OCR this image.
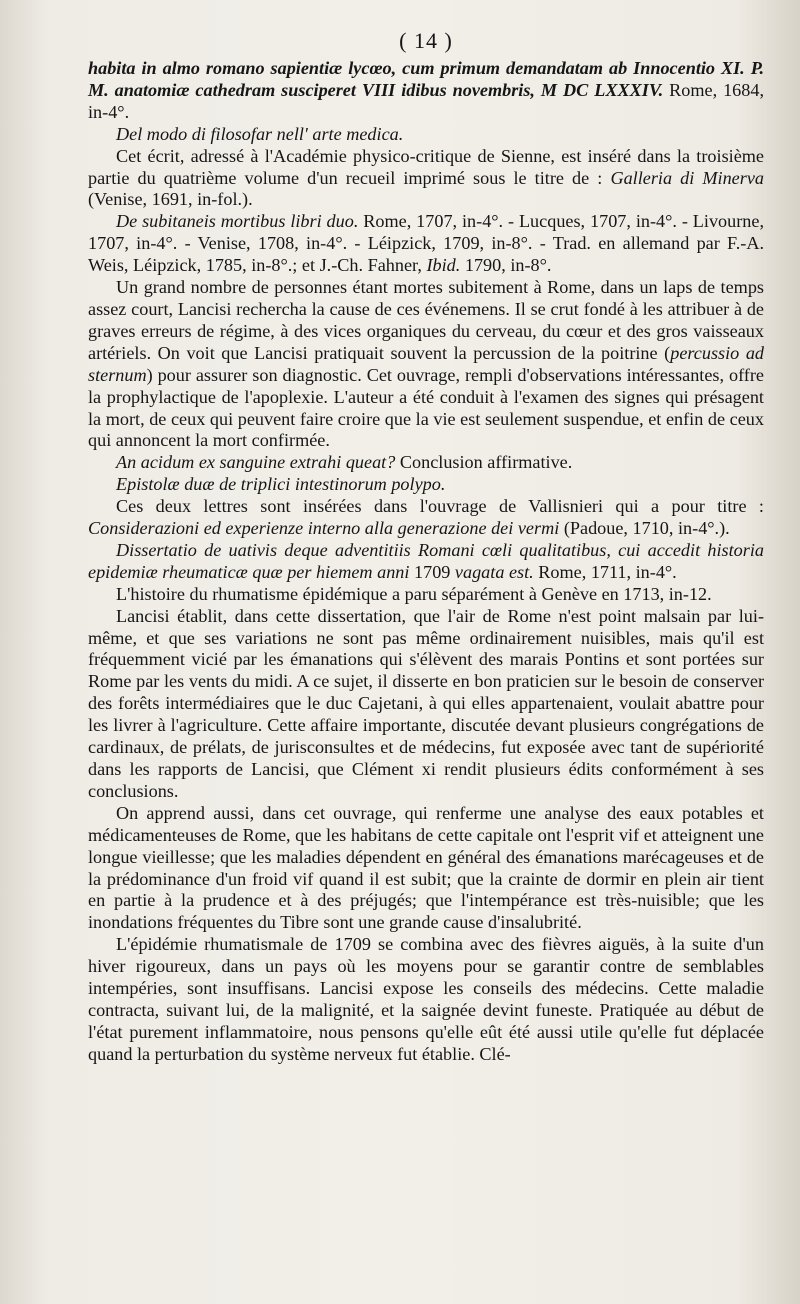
( 14 )

habita in almo romano sapientiæ lycœo, cum primum demandatam ab Innocentio XI. P. M. anatomiæ cathedram susciperet VIII idibus novembris, M DC LXXXIV. Rome, 1684, in-4°.

Del modo di filosofar nell' arte medica.

Cet écrit, adressé à l'Académie physico-critique de Sienne, est inséré dans la troisième partie du quatrième volume d'un recueil imprimé sous le titre de : Galleria di Minerva (Venise, 1691, in-fol.).

De subitaneis mortibus libri duo. Rome, 1707, in-4°. - Lucques, 1707, in-4°. - Livourne, 1707, in-4°. - Venise, 1708, in-4°. - Léipzick, 1709, in-8°. - Trad. en allemand par F.-A. Weis, Léipzick, 1785, in-8°.; et J.-Ch. Fahner, Ibid. 1790, in-8°.

Un grand nombre de personnes étant mortes subitement à Rome, dans un laps de temps assez court, Lancisi rechercha la cause de ces événemens. Il se crut fondé à les attribuer à de graves erreurs de régime, à des vices organiques du cerveau, du cœur et des gros vaisseaux artériels. On voit que Lancisi pratiquait souvent la percussion de la poitrine (percussio ad sternum) pour assurer son diagnostic. Cet ouvrage, rempli d'observations intéressantes, offre la prophylactique de l'apoplexie. L'auteur a été conduit à l'examen des signes qui présagent la mort, de ceux qui peuvent faire croire que la vie est seulement suspendue, et enfin de ceux qui annoncent la mort confirmée.

An acidum ex sanguine extrahi queat? Conclusion affirmative.

Epistolæ duæ de triplici intestinorum polypo.

Ces deux lettres sont insérées dans l'ouvrage de Vallisnieri qui a pour titre : Considerazioni ed experienze interno alla generazione dei vermi (Padoue, 1710, in-4°.).

Dissertatio de uativis deque adventitiis Romani cœli qualitatibus, cui accedit historia epidemiæ rheumaticæ quæ per hiemem anni 1709 vagata est. Rome, 1711, in-4°.

L'histoire du rhumatisme épidémique a paru séparément à Genève en 1713, in-12.

Lancisi établit, dans cette dissertation, que l'air de Rome n'est point malsain par lui-même, et que ses variations ne sont pas même ordinairement nuisibles, mais qu'il est fréquemment vicié par les émanations qui s'élèvent des marais Pontins et sont portées sur Rome par les vents du midi. A ce sujet, il disserte en bon praticien sur le besoin de conserver des forêts intermédiaires que le duc Cajetani, à qui elles appartenaient, voulait abattre pour les livrer à l'agriculture. Cette affaire importante, discutée devant plusieurs congrégations de cardinaux, de prélats, de jurisconsultes et de médecins, fut exposée avec tant de supériorité dans les rapports de Lancisi, que Clément xi rendit plusieurs édits conformément à ses conclusions.

On apprend aussi, dans cet ouvrage, qui renferme une analyse des eaux potables et médicamenteuses de Rome, que les habitans de cette capitale ont l'esprit vif et atteignent une longue vieillesse; que les maladies dépendent en général des émanations marécageuses et de la prédominance d'un froid vif quand il est subit; que la crainte de dormir en plein air tient en partie à la prudence et à des préjugés; que l'intempérance est très-nuisible; que les inondations fréquentes du Tibre sont une grande cause d'insalubrité.

L'épidémie rhumatismale de 1709 se combina avec des fièvres aiguës, à la suite d'un hiver rigoureux, dans un pays où les moyens pour se garantir contre de semblables intempéries, sont insuffisans. Lancisi expose les conseils des médecins. Cette maladie contracta, suivant lui, de la malignité, et la saignée devint funeste. Pratiquée au début de l'état purement inflammatoire, nous pensons qu'elle eût été aussi utile qu'elle fut déplacée quand la perturbation du système nerveux fut établie. Clé-
